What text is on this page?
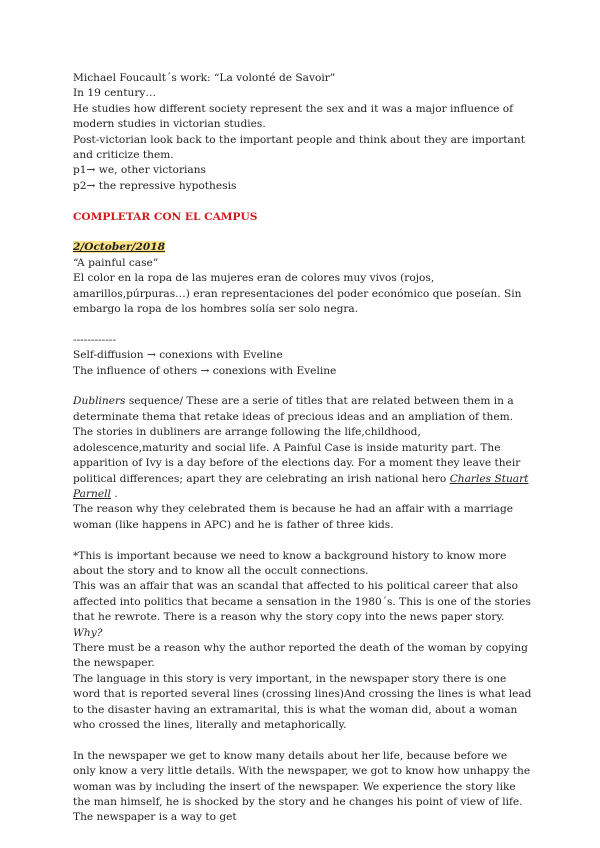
Michael Foucault´s work: “La volonté de Savoir”

In 19 century…

He studies how different society represent the sex and it was a major influence of modern studies in victorian studies.

Post-victorian look back to the important people and think about they are important and criticize them.

p1→ we, other victorians

p2→ the repressive hypothesis

COMPLETAR CON EL CAMPUS

2/October/2018

“A painful case”

El color en la ropa de las mujeres eran de colores muy vivos (rojos, amarillos,púrpuras…) eran representaciones del poder económico que poseían. Sin embargo la ropa de los hombres solía ser solo negra.

------------

Self-diffusion → conexions with Eveline

The influence of others → conexions with Eveline

Dubliners sequence/ These are a serie of titles that are related between them in a determinate thema that retake ideas of precious ideas and an ampliation of them.

The stories in dubliners are arrange following the life,childhood, adolescence,maturity and social life. A Painful Case is inside maturity part. The apparition of Ivy is a day before of the elections day. For a moment they leave their political differences; apart they are celebrating an irish national hero Charles Stuart Parnell .

The reason why they celebrated them is because he had an affair with a marriage woman (like happens in APC) and he is father of three kids.

*This is important because we need to know a background history to know more about the story and to know all the occult connections.

This was an affair that was an scandal that affected to his political career that also affected into politics that became a sensation in the 1980´s. This is one of the stories that he rewrote. There is a reason why the story copy into the news paper story. Why?

There must be a reason why the author reported the death of the woman by copying the newspaper.

The language in this story is very important, in the newspaper story there is one word that is reported several lines (crossing lines)And crossing the lines is what lead to the disaster having an extramarital, this is what the woman did, about a woman who crossed the lines, literally and metaphorically.

In the newspaper we get to know many details about her life, because before we only know a very little details. With the newspaper, we got to know how unhappy the woman was by including the insert of the newspaper. We experience the story like the man himself, he is shocked by the story and he changes his point of view of life. The newspaper is a way to get
